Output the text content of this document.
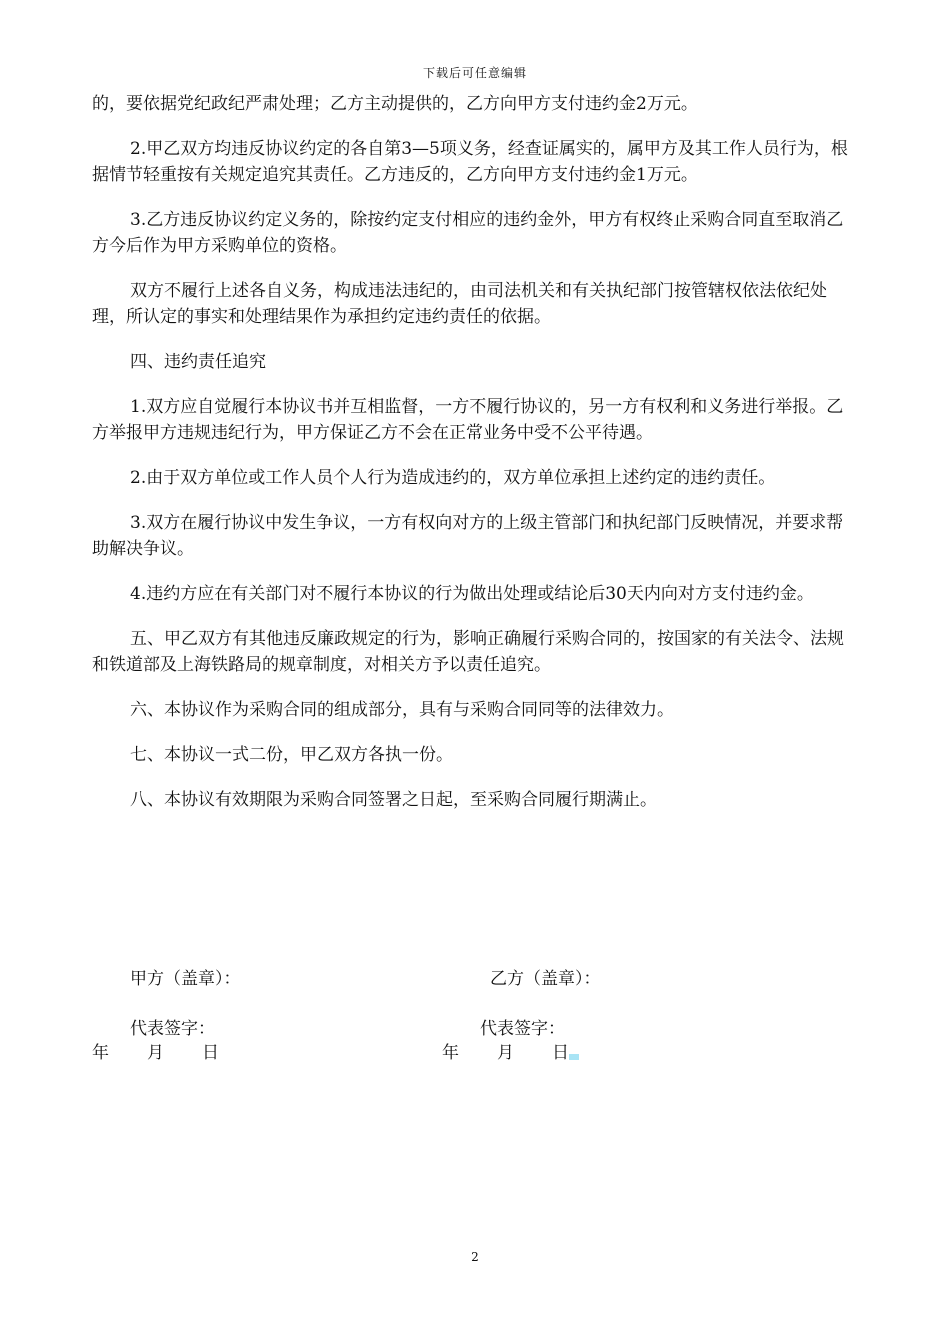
下载后可任意编辑

的，要依据党纪政纪严肃处理；乙方主动提供的，乙方向甲方支付违约金2万元。

2.甲乙双方均违反协议约定的各自第3—5项义务，经查证属实的，属甲方及其工作人员行为，根据情节轻重按有关规定追究其责任。乙方违反的，乙方向甲方支付违约金1万元。

3.乙方违反协议约定义务的，除按约定支付相应的违约金外，甲方有权终止采购合同直至取消乙方今后作为甲方采购单位的资格。

双方不履行上述各自义务，构成违法违纪的，由司法机关和有关执纪部门按管辖权依法依纪处理，所认定的事实和处理结果作为承担约定违约责任的依据。

四、违约责任追究

1.双方应自觉履行本协议书并互相监督，一方不履行协议的，另一方有权利和义务进行举报。乙方举报甲方违规违纪行为，甲方保证乙方不会在正常业务中受不公平待遇。

2.由于双方单位或工作人员个人行为造成违约的，双方单位承担上述约定的违约责任。

3.双方在履行协议中发生争议，一方有权向对方的上级主管部门和执纪部门反映情况，并要求帮助解决争议。

4.违约方应在有关部门对不履行本协议的行为做出处理或结论后30天内向对方支付违约金。

五、甲乙双方有其他违反廉政规定的行为，影响正确履行采购合同的，按国家的有关法令、法规和铁道部及上海铁路局的规章制度，对相关方予以责任追究。

六、本协议作为采购合同的组成部分，具有与采购合同同等的法律效力。

七、本协议一式二份，甲乙双方各执一份。

八、本协议有效期限为采购合同签署之日起，至采购合同履行期满止。

甲方（盖章）：	乙方（盖章）：
代表签字：	代表签字：
年 月 日	年 月 日
2
